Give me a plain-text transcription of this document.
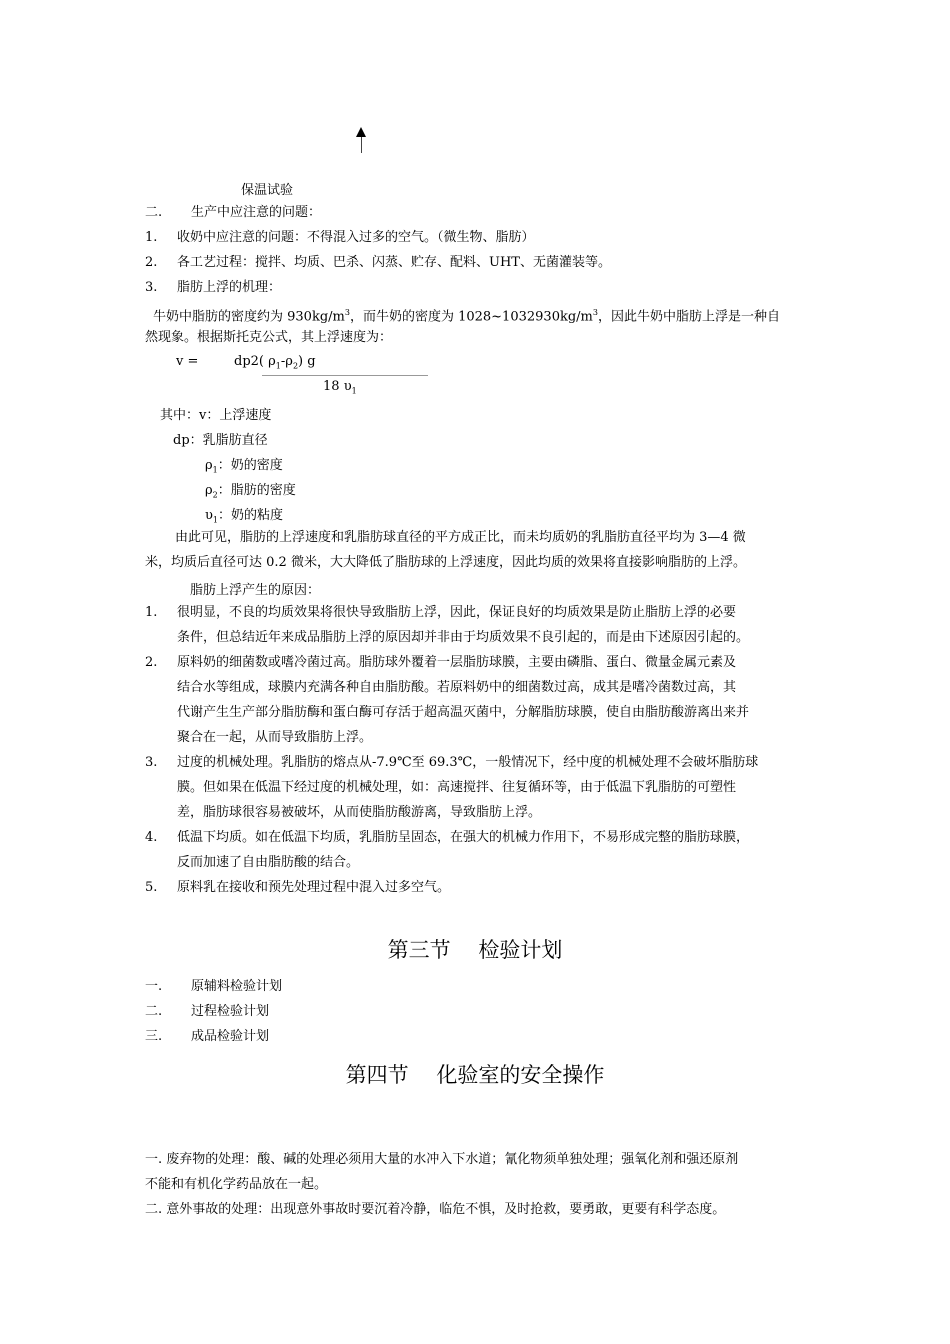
保温试验
二. 生产中应注意的问题：
1. 收奶中应注意的问题：不得混入过多的空气。（微生物、脂肪）
2. 各工艺过程：搅拌、均质、巴杀、闪蒸、贮存、配料、UHT、无菌灌装等。
3. 脂肪上浮的机理：
牛奶中脂肪的密度约为 $930kg/m^3$，而牛奶的密度为 $1028\sim 1032930kg/m^3$，因此牛奶中脂肪上浮是一种自
然现象。根据斯托克公式，其上浮速度为：
v =	dp2( $\rho_1-\rho_2$) g
18 $\upsilon_1$
其中：v：上浮速度
dp：乳脂肪直径
$\rho_1$：奶的密度
$\rho_2$：脂肪的密度
$\upsilon_1$：奶的粘度
由此可见，脂肪的上浮速度和乳脂肪球直径的平方成正比，而未均质奶的乳脂肪直径平均为 3—4 微
米，均质后直径可达 0.2 微米，大大降低了脂肪球的上浮速度，因此均质的效果将直接影响脂肪的上浮。
脂肪上浮产生的原因：
1. 很明显，不良的均质效果将很快导致脂肪上浮，因此，保证良好的均质效果是防止脂肪上浮的必要
条件，但总结近年来成品脂肪上浮的原因却并非由于均质效果不良引起的，而是由下述原因引起的。
2. 原料奶的细菌数或嗜冷菌过高。脂肪球外覆着一层脂肪球膜，主要由磷脂、蛋白、微量金属元素及
结合水等组成，球膜内充满各种自由脂肪酸。若原料奶中的细菌数过高，成其是嗜冷菌数过高，其
代谢产生生产部分脂肪酶和蛋白酶可存活于超高温灭菌中，分解脂肪球膜，使自由脂肪酸游离出来并
聚合在一起，从而导致脂肪上浮。
3. 过度的机械处理。乳脂肪的熔点从-7.9℃至 69.3℃，一般情况下，经中度的机械处理不会破坏脂肪球
膜。但如果在低温下经过度的机械处理，如：高速搅拌、往复循环等，由于低温下乳脂肪的可塑性
差，脂肪球很容易被破坏，从而使脂肪酸游离，导致脂肪上浮。
4. 低温下均质。如在低温下均质，乳脂肪呈固态，在强大的机械力作用下，不易形成完整的脂肪球膜，
反而加速了自由脂肪酸的结合。
5. 原料乳在接收和预先处理过程中混入过多空气。
第三节　 检验计划
一. 原辅料检验计划
二. 过程检验计划
三. 成品检验计划
第四节　 化验室的安全操作
一. 废弃物的处理：酸、碱的处理必须用大量的水冲入下水道；氰化物须单独处理；强氧化剂和强还原剂
不能和有机化学药品放在一起。
二. 意外事故的处理：出现意外事故时要沉着冷静，临危不惧，及时抢救，要勇敢，更要有科学态度。
